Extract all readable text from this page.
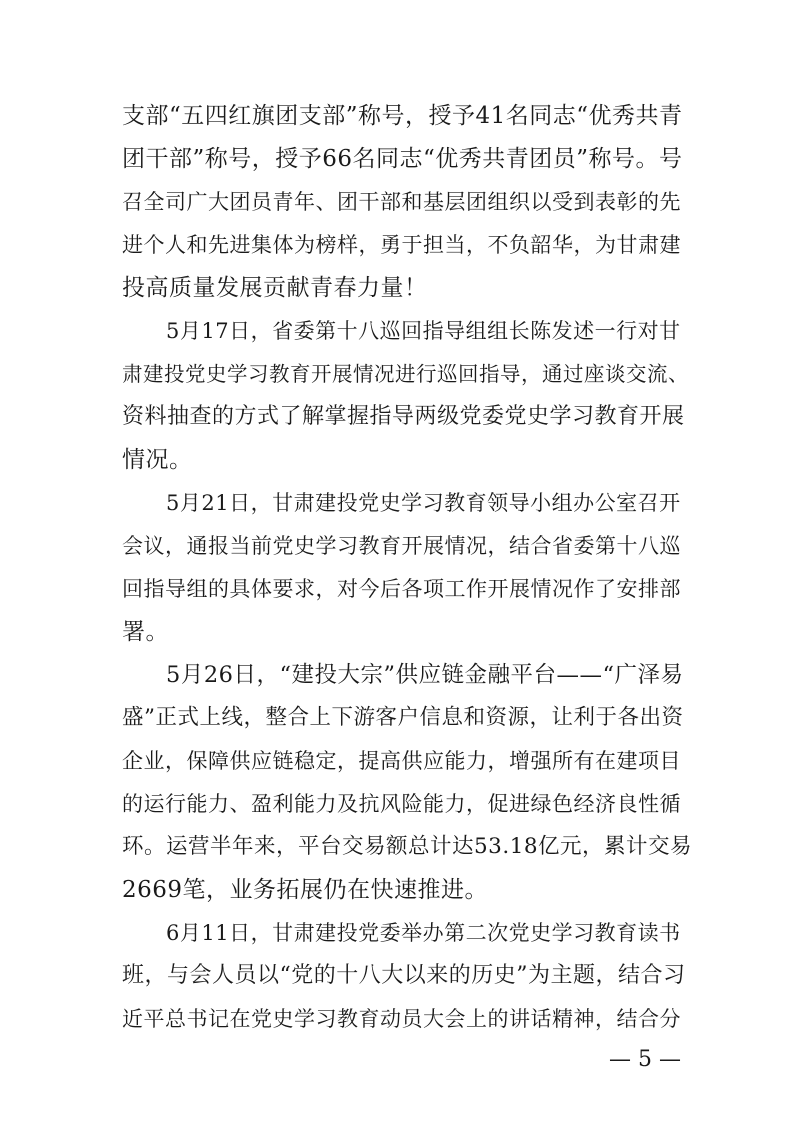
支部“五四红旗团支部”称号，授予41名同志“优秀共青
团干部”称号，授予66名同志“优秀共青团员”称号。号
召全司广大团员青年、团干部和基层团组织以受到表彰的先
进个人和先进集体为榜样，勇于担当，不负韶华，为甘肃建
投高质量发展贡献青春力量！
5月17日，省委第十八巡回指导组组长陈发述一行对甘
肃建投党史学习教育开展情况进行巡回指导，通过座谈交流、
资料抽查的方式了解掌握指导两级党委党史学习教育开展
情况。
5月21日，甘肃建投党史学习教育领导小组办公室召开
会议，通报当前党史学习教育开展情况，结合省委第十八巡
回指导组的具体要求，对今后各项工作开展情况作了安排部
署。
5月26日，“建投大宗”供应链金融平台——“广泽易
盛”正式上线，整合上下游客户信息和资源，让利于各出资
企业，保障供应链稳定，提高供应能力，增强所有在建项目
的运行能力、盈利能力及抗风险能力，促进绿色经济良性循
环。运营半年来，平台交易额总计达53.18亿元，累计交易
2669笔，业务拓展仍在快速推进。
6月11日，甘肃建投党委举办第二次党史学习教育读书
班，与会人员以“党的十八大以来的历史”为主题，结合习
近平总书记在党史学习教育动员大会上的讲话精神，结合分
— 5 —
